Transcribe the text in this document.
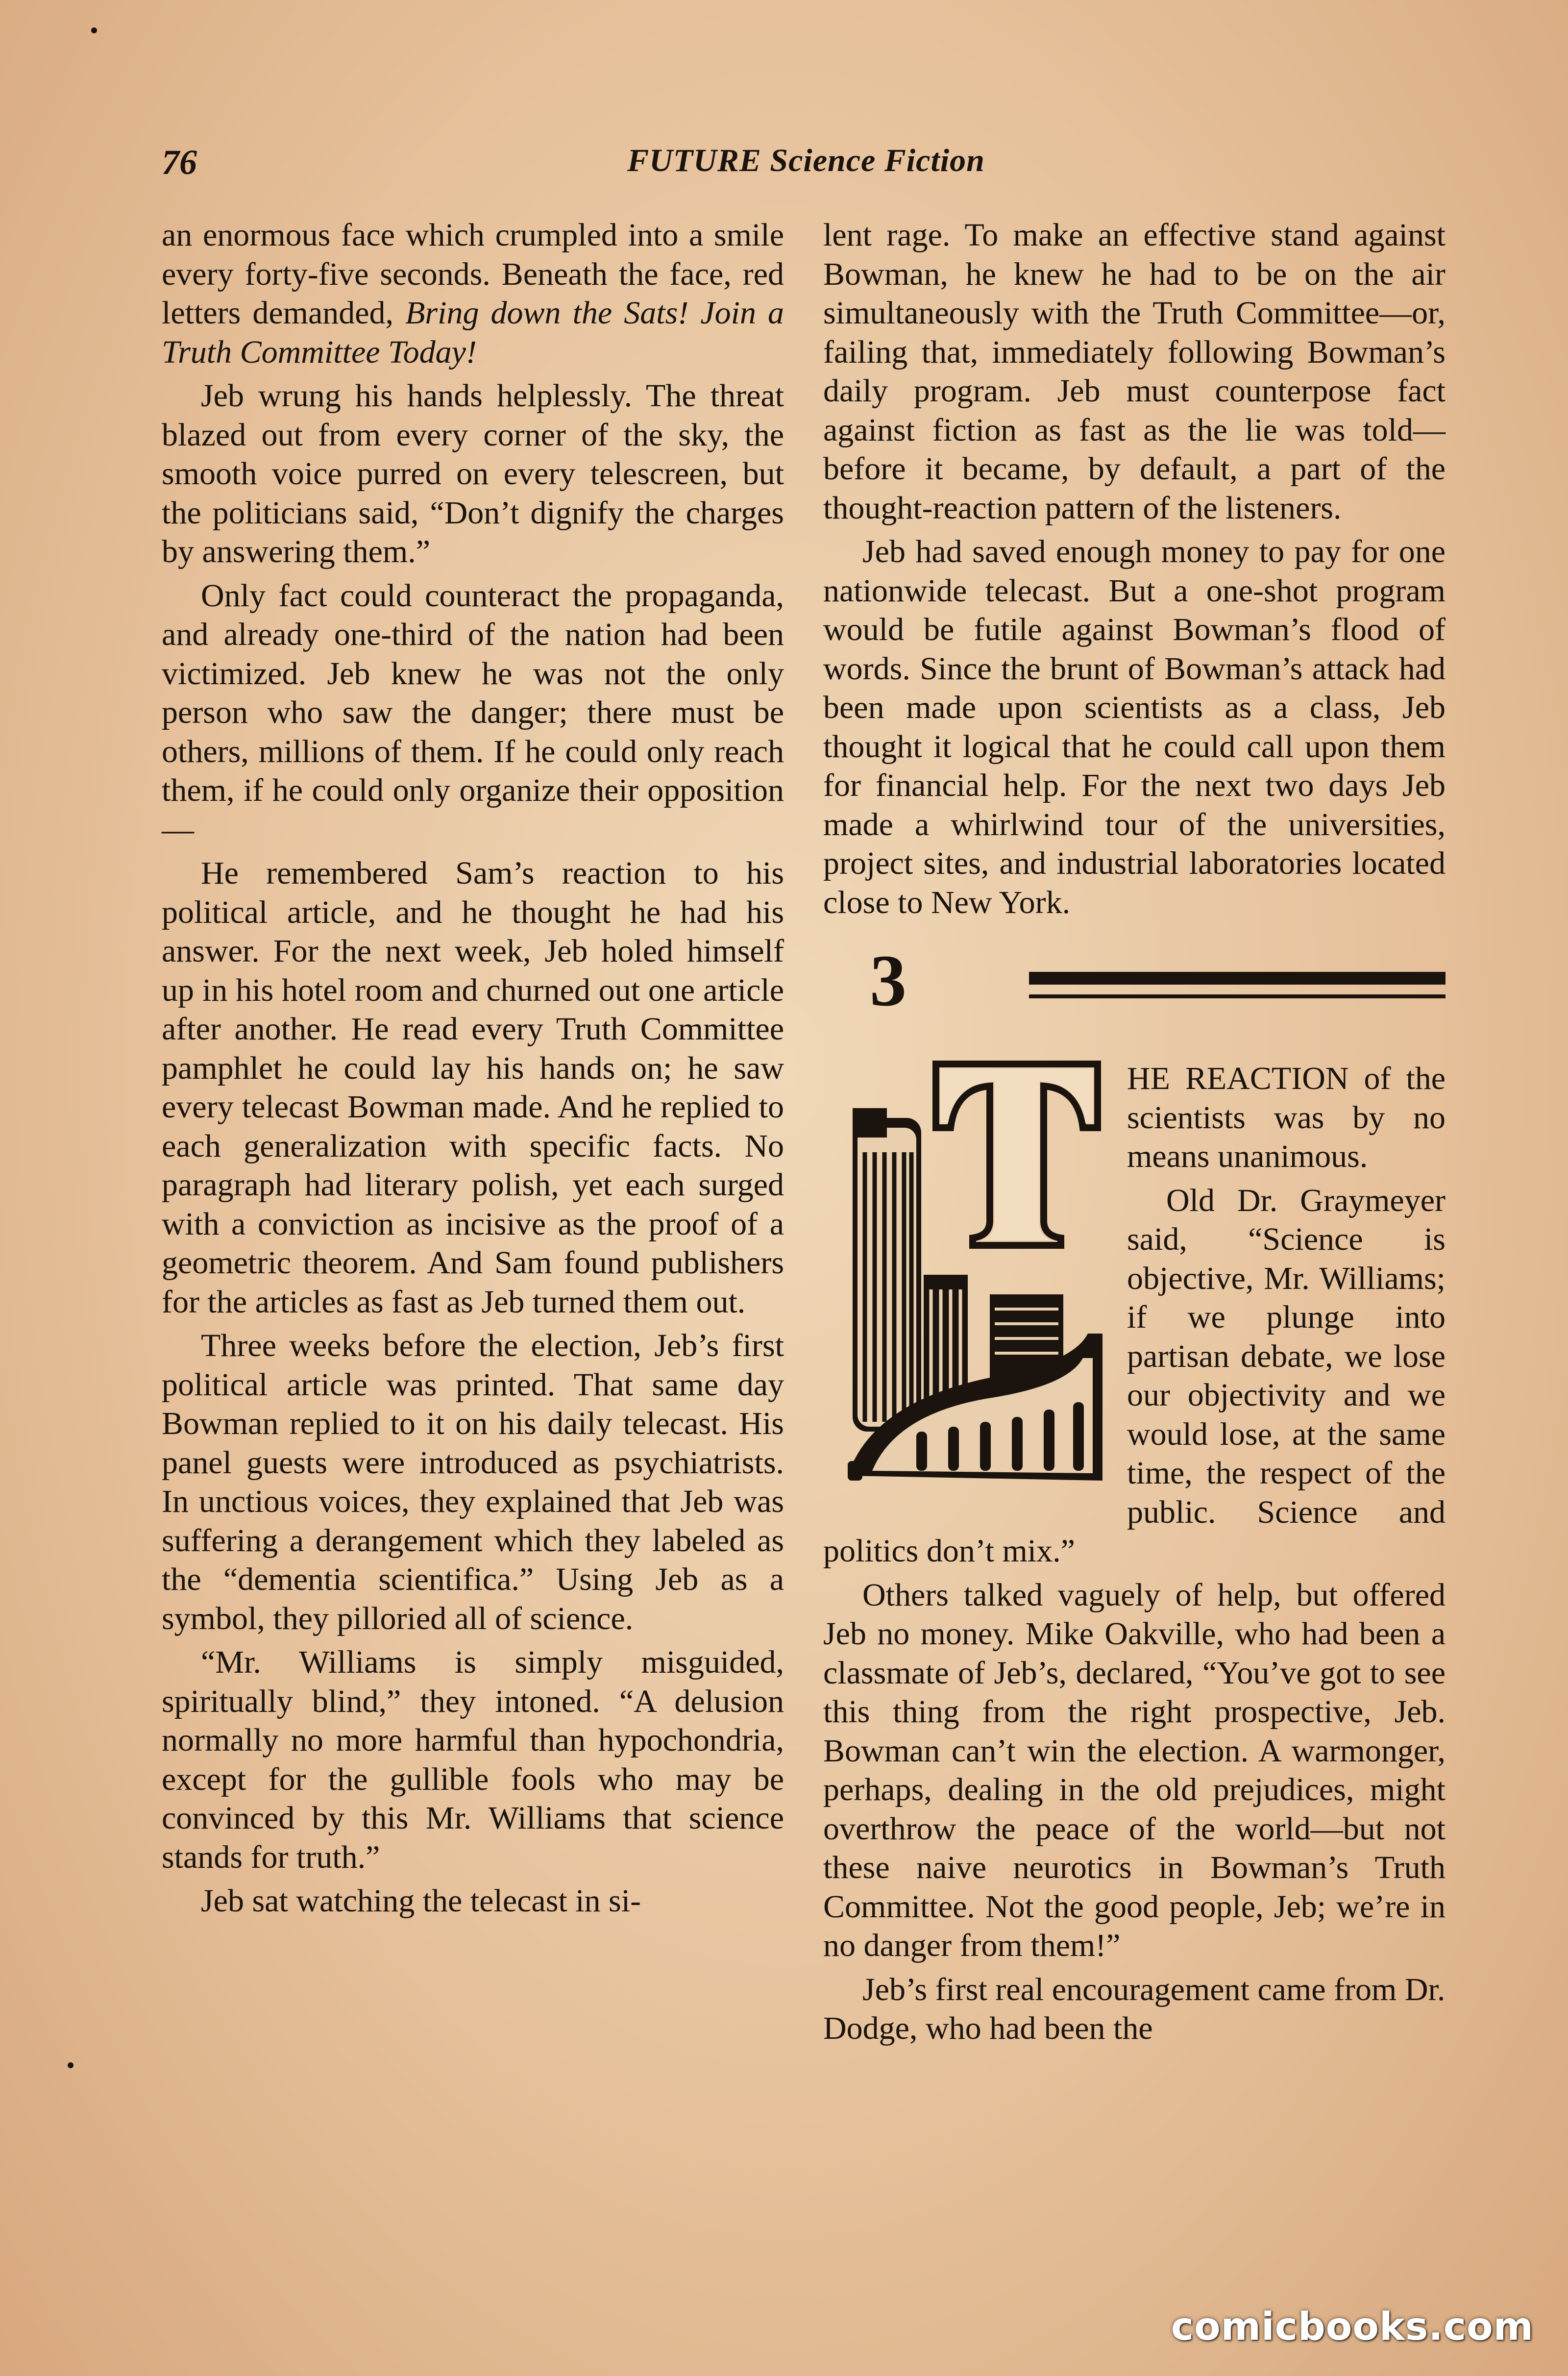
76	FUTURE Science Fiction

an enormous face which crumpled into a smile every forty-five seconds. Beneath the face, red letters demanded, Bring down the Sats! Join a Truth Committee Today!

Jeb wrung his hands helplessly. The threat blazed out from every corner of the sky, the smooth voice purred on every telescreen, but the politicians said, “Don’t dignify the charges by answering them.”

Only fact could counteract the propaganda, and already one-third of the nation had been victimized. Jeb knew he was not the only person who saw the danger; there must be others, millions of them. If he could only reach them, if he could only organize their opposition—

He remembered Sam’s reaction to his political article, and he thought he had his answer. For the next week, Jeb holed himself up in his hotel room and churned out one article after another. He read every Truth Committee pamphlet he could lay his hands on; he saw every telecast Bowman made. And he replied to each generalization with specific facts. No paragraph had literary polish, yet each surged with a conviction as incisive as the proof of a geometric theorem. And Sam found publishers for the articles as fast as Jeb turned them out.

Three weeks before the election, Jeb’s first political article was printed. That same day Bowman replied to it on his daily telecast. His panel guests were introduced as psychiatrists. In unctious voices, they explained that Jeb was suffering a derangement which they labeled as the “dementia scientifica.” Using Jeb as a symbol, they pilloried all of science.

“Mr. Williams is simply misguided, spiritually blind,” they intoned. “A delusion normally no more harmful than hypochondria, except for the gullible fools who may be convinced by this Mr. Williams that science stands for truth.”

Jeb sat watching the telecast in si-

lent rage. To make an effective stand against Bowman, he knew he had to be on the air simultaneously with the Truth Committee—or, failing that, immediately following Bowman’s daily program. Jeb must counterpose fact against fiction as fast as the lie was told—before it became, by default, a part of the thought-reaction pattern of the listeners.

Jeb had saved enough money to pay for one nationwide telecast. But a one-shot program would be futile against Bowman’s flood of words. Since the brunt of Bowman’s attack had been made upon scientists as a class, Jeb thought it logical that he could call upon them for financial help. For the next two days Jeb made a whirlwind tour of the universities, project sites, and industrial laboratories located close to New York.

3

HE REACTION of the scientists was by no means unanimous.

Old Dr. Graymeyer said, “Science is objective, Mr. Williams; if we plunge into partisan debate, we lose our objectivity and we would lose, at the same time, the respect of the public. Science and politics don’t mix.”

Others talked vaguely of help, but offered Jeb no money. Mike Oakville, who had been a classmate of Jeb’s, declared, “You’ve got to see this thing from the right prospective, Jeb. Bowman can’t win the election. A warmonger, perhaps, dealing in the old prejudices, might overthrow the peace of the world—but not these naive neurotics in Bowman’s Truth Committee. Not the good people, Jeb; we’re in no danger from them!”

Jeb’s first real encouragement came from Dr. Dodge, who had been the

comicbooks.com
